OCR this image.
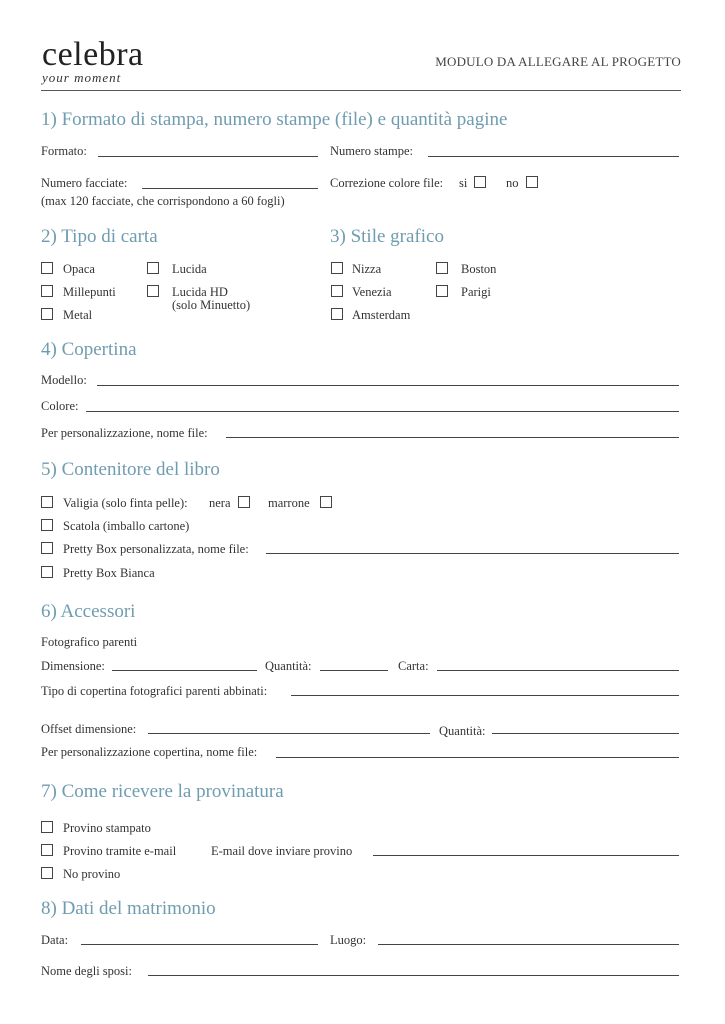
celebra
your moment
MODULO DA ALLEGARE AL PROGETTO
1) Formato di stampa, numero stampe (file) e quantità pagine
Formato:	Numero stampe:
Numero facciate:	Correzione colore file: si	no
(max 120 facciate, che corrispondono a 60 fogli)
2) Tipo di carta
Opaca
Millepunti
Metal
Lucida
Lucida HD
(solo Minuetto)
3) Stile grafico
Nizza
Venezia
Amsterdam
Boston
Parigi
4) Copertina
Modello:
Colore:
Per personalizzazione, nome file:
5) Contenitore del libro
Valigia (solo finta pelle): nera	marrone
Scatola (imballo cartone)
Pretty Box personalizzata, nome file:
Pretty Box Bianca
6) Accessori
Fotografico parenti
Dimensione:	Quantità:	Carta:
Tipo di copertina fotografici parenti abbinati:
Offset dimensione:	Quantità:
Per personalizzazione copertina, nome file:
7) Come ricevere la provinatura
Provino stampato
Provino tramite e-mail	E-mail dove inviare provino
No provino
8) Dati del matrimonio
Data:	Luogo:
Nome degli sposi:
